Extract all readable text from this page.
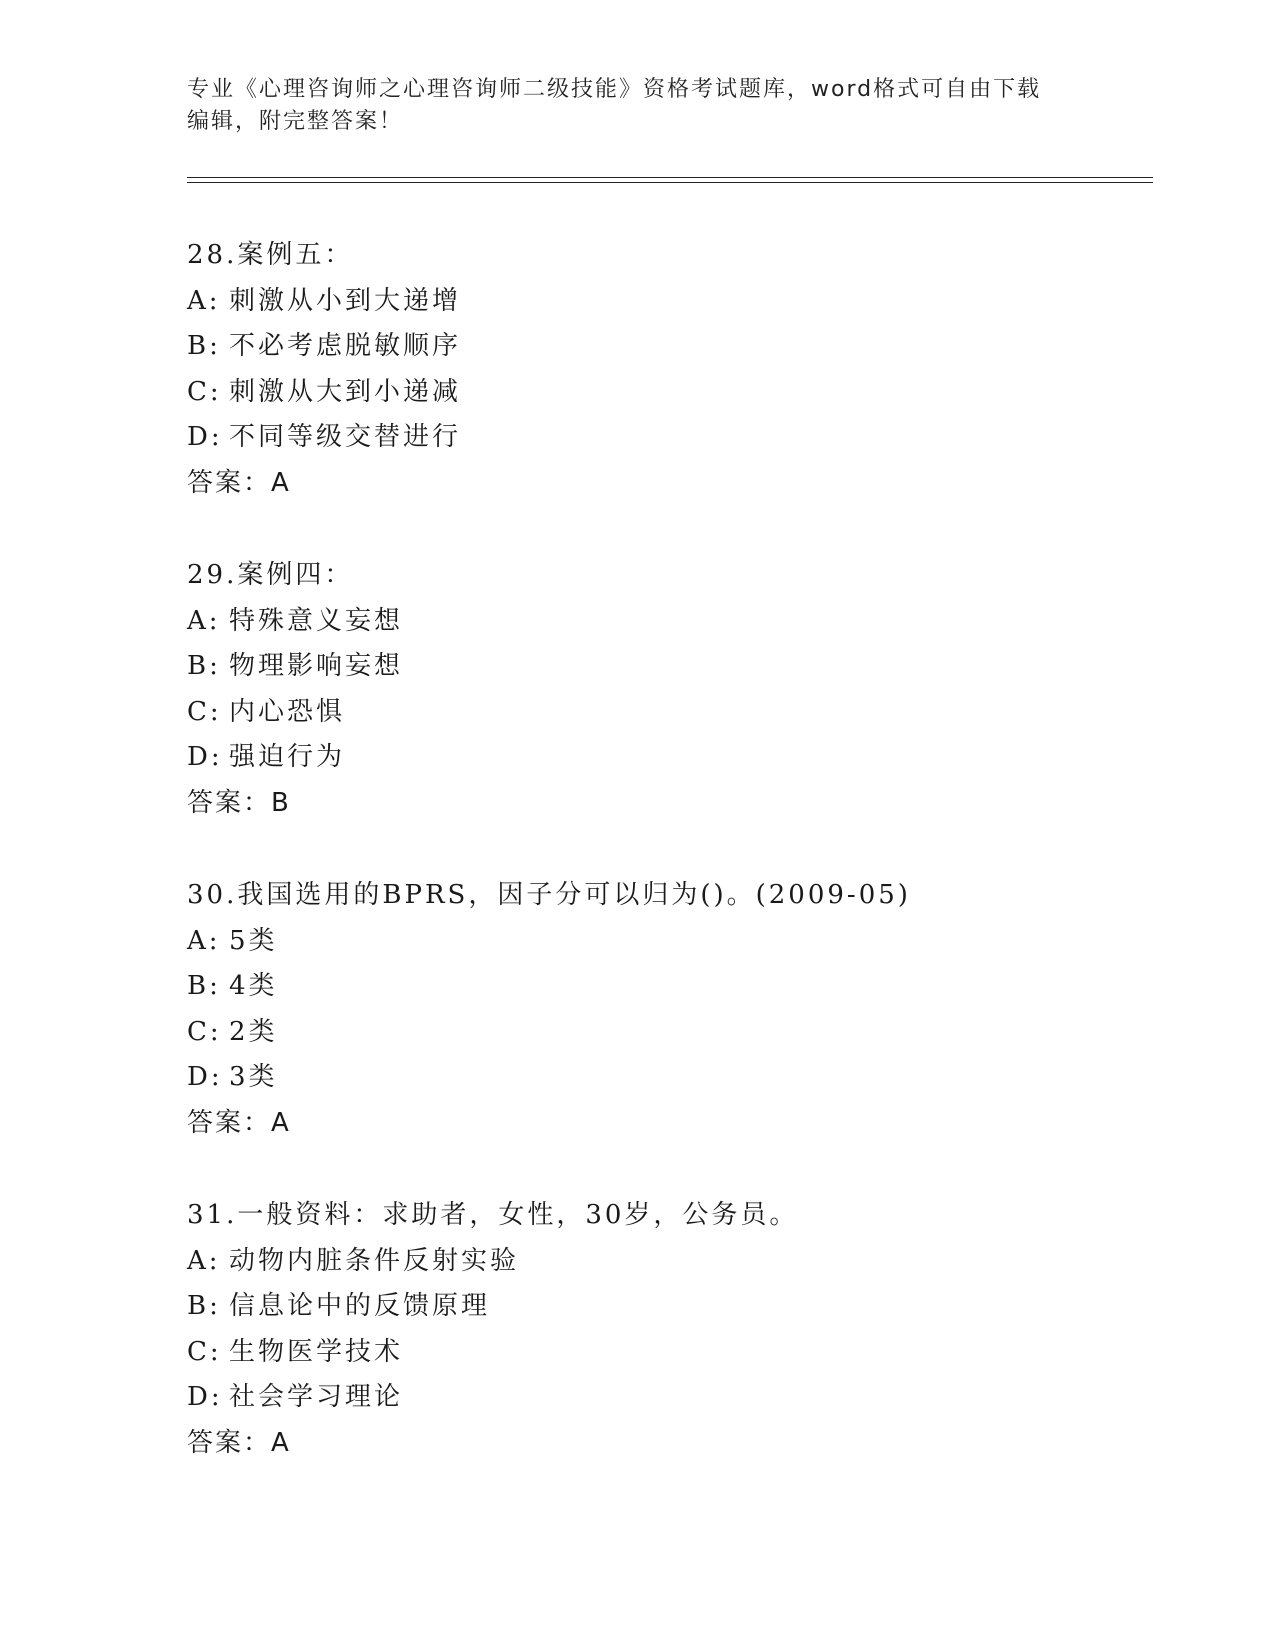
专业《心理咨询师之心理咨询师二级技能》资格考试题库，word格式可自由下载
编辑，附完整答案！
28.案例五：
A: 刺激从小到大递增
B: 不必考虑脱敏顺序
C: 刺激从大到小递减
D: 不同等级交替进行
答案：A
29.案例四：
A: 特殊意义妄想
B: 物理影响妄想
C: 内心恐惧
D: 强迫行为
答案：B
30.我国选用的BPRS，因子分可以归为()。(2009-05)
A: 5类
B: 4类
C: 2类
D: 3类
答案：A
31.一般资料：求助者，女性，30岁，公务员。
A: 动物内脏条件反射实验
B: 信息论中的反馈原理
C: 生物医学技术
D: 社会学习理论
答案：A
